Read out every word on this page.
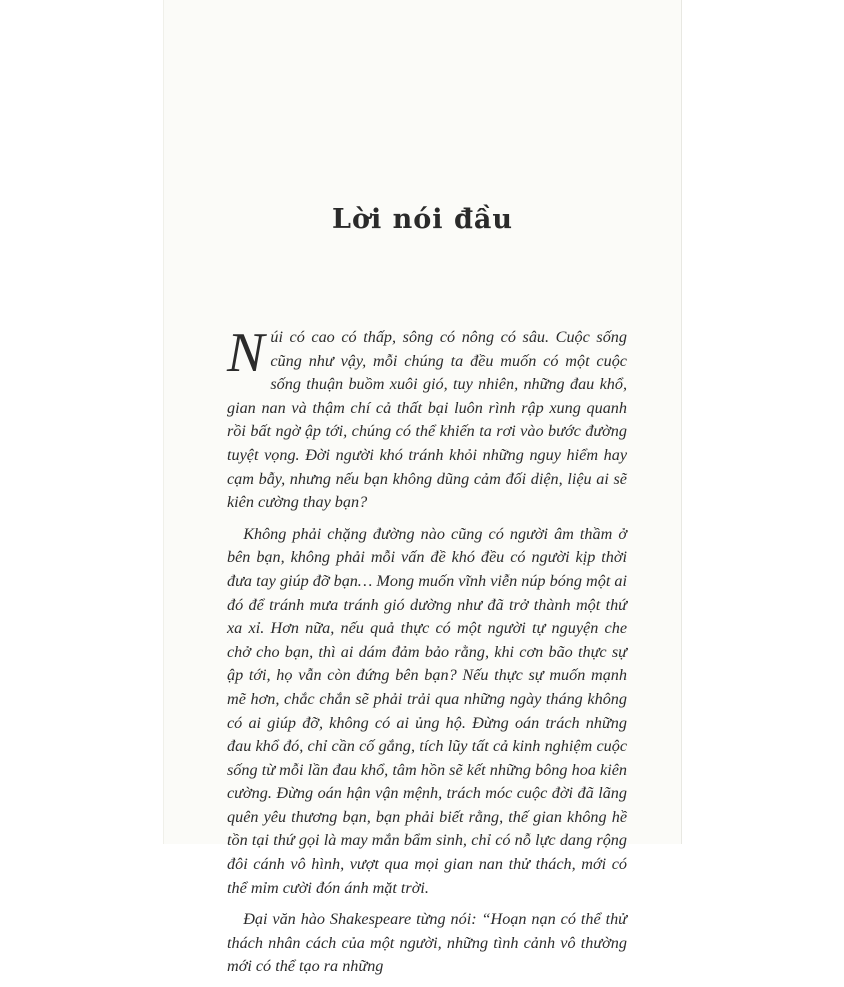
Lời nói đầu

Núi có cao có thấp, sông có nông có sâu. Cuộc sống cũng như vậy, mỗi chúng ta đều muốn có một cuộc sống thuận buồm xuôi gió, tuy nhiên, những đau khổ, gian nan và thậm chí cả thất bại luôn rình rập xung quanh rồi bất ngờ ập tới, chúng có thể khiến ta rơi vào bước đường tuyệt vọng. Đời người khó tránh khỏi những nguy hiểm hay cạm bẫy, nhưng nếu bạn không dũng cảm đối diện, liệu ai sẽ kiên cường thay bạn?

Không phải chặng đường nào cũng có người âm thầm ở bên bạn, không phải mỗi vấn đề khó đều có người kịp thời đưa tay giúp đỡ bạn… Mong muốn vĩnh viễn núp bóng một ai đó để tránh mưa tránh gió dường như đã trở thành một thứ xa xỉ. Hơn nữa, nếu quả thực có một người tự nguyện che chở cho bạn, thì ai dám đảm bảo rằng, khi cơn bão thực sự ập tới, họ vẫn còn đứng bên bạn? Nếu thực sự muốn mạnh mẽ hơn, chắc chắn sẽ phải trải qua những ngày tháng không có ai giúp đỡ, không có ai ủng hộ. Đừng oán trách những đau khổ đó, chỉ cần cố gắng, tích lũy tất cả kinh nghiệm cuộc sống từ mỗi lần đau khổ, tâm hồn sẽ kết những bông hoa kiên cường. Đừng oán hận vận mệnh, trách móc cuộc đời đã lãng quên yêu thương bạn, bạn phải biết rằng, thế gian không hề tồn tại thứ gọi là may mắn bẩm sinh, chỉ có nỗ lực dang rộng đôi cánh vô hình, vượt qua mọi gian nan thử thách, mới có thể mỉm cười đón ánh mặt trời.

Đại văn hào Shakespeare từng nói: “Hoạn nạn có thể thử thách nhân cách của một người, những tình cảnh vô thường mới có thể tạo ra những
